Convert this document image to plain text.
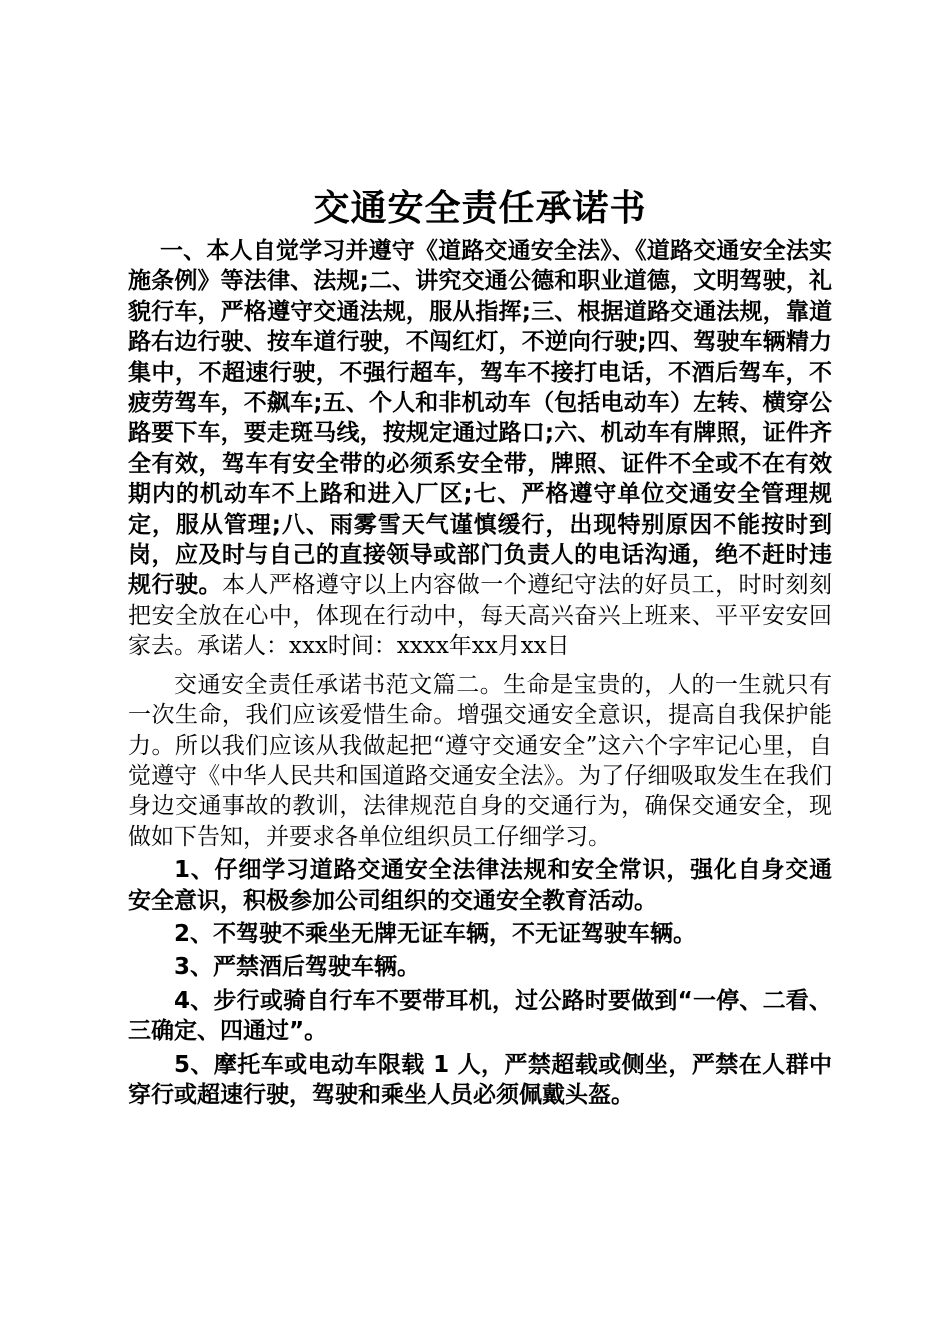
交通安全责任承诺书

一、本人自觉学习并遵守《道路交通安全法》、《道路交通安全法实施条例》等法律、法规;二、讲究交通公德和职业道德，文明驾驶，礼貌行车，严格遵守交通法规，服从指挥;三、根据道路交通法规，靠道路右边行驶、按车道行驶，不闯红灯，不逆向行驶;四、驾驶车辆精力集中，不超速行驶，不强行超车，驾车不接打电话，不酒后驾车，不疲劳驾车，不飙车;五、个人和非机动车（包括电动车）左转、横穿公路要下车，要走斑马线，按规定通过路口;六、机动车有牌照，证件齐全有效，驾车有安全带的必须系安全带，牌照、证件不全或不在有效期内的机动车不上路和进入厂区;七、严格遵守单位交通安全管理规定，服从管理;八、雨雾雪天气谨慎缓行，出现特别原因不能按时到岗，应及时与自己的直接领导或部门负责人的电话沟通，绝不赶时违规行驶。本人严格遵守以上内容做一个遵纪守法的好员工，时时刻刻把安全放在心中，体现在行动中，每天高兴奋兴上班来、平平安安回家去。承诺人：xxx时间：xxxx年xx月xx日

交通安全责任承诺书范文篇二。生命是宝贵的，人的一生就只有一次生命，我们应该爱惜生命。增强交通安全意识，提高自我保护能力。所以我们应该从我做起把“遵守交通安全”这六个字牢记心里，自觉遵守《中华人民共和国道路交通安全法》。为了仔细吸取发生在我们身边交通事故的教训，法律规范自身的交通行为，确保交通安全，现做如下告知，并要求各单位组织员工仔细学习。

1、仔细学习道路交通安全法律法规和安全常识，强化自身交通安全意识，积极参加公司组织的交通安全教育活动。

2、不驾驶不乘坐无牌无证车辆，不无证驾驶车辆。

3、严禁酒后驾驶车辆。

4、步行或骑自行车不要带耳机，过公路时要做到“一停、二看、三确定、四通过”。

5、摩托车或电动车限载 1 人，严禁超载或侧坐，严禁在人群中穿行或超速行驶，驾驶和乘坐人员必须佩戴头盔。
